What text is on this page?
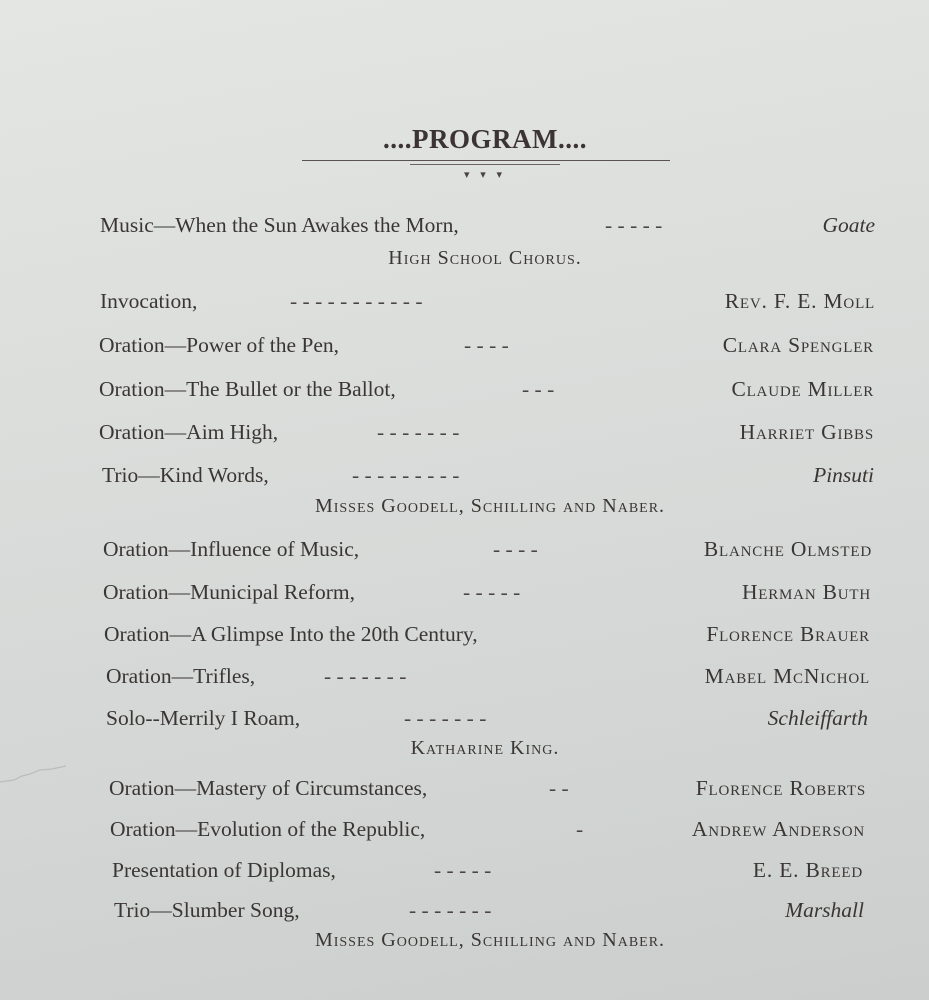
....PROGRAM....
▾ ▾ ▾
Music—When the Sun Awakes the Morn,	- - - - -	Goate
High School Chorus.
Invocation,	- - - - - - - - - - -	Rev. F. E. Moll
Oration—Power of the Pen,	- - - -	Clara Spengler
Oration—The Bullet or the Ballot,	- - -	Claude Miller
Oration—Aim High,	- - - - - - -	Harriet Gibbs
Trio—Kind Words,	- - - - - - - - -	Pinsuti
Misses Goodell, Schilling and Naber.
Oration—Influence of Music,	- - - -	Blanche Olmsted
Oration—Municipal Reform,	- - - - -	Herman Buth
Oration—A Glimpse Into the 20th Century,	Florence Brauer
Oration—Trifles,	- - - - - - -	Mabel McNichol
Solo--Merrily I Roam,	- - - - - - -	Schleiffarth
Katharine King.
Oration—Mastery of Circumstances,	- -	Florence Roberts
Oration—Evolution of the Republic,	-	Andrew Anderson
Presentation of Diplomas,	- - - - -	E. E. Breed
Trio—Slumber Song,	- - - - - - -	Marshall
Misses Goodell, Schilling and Naber.
